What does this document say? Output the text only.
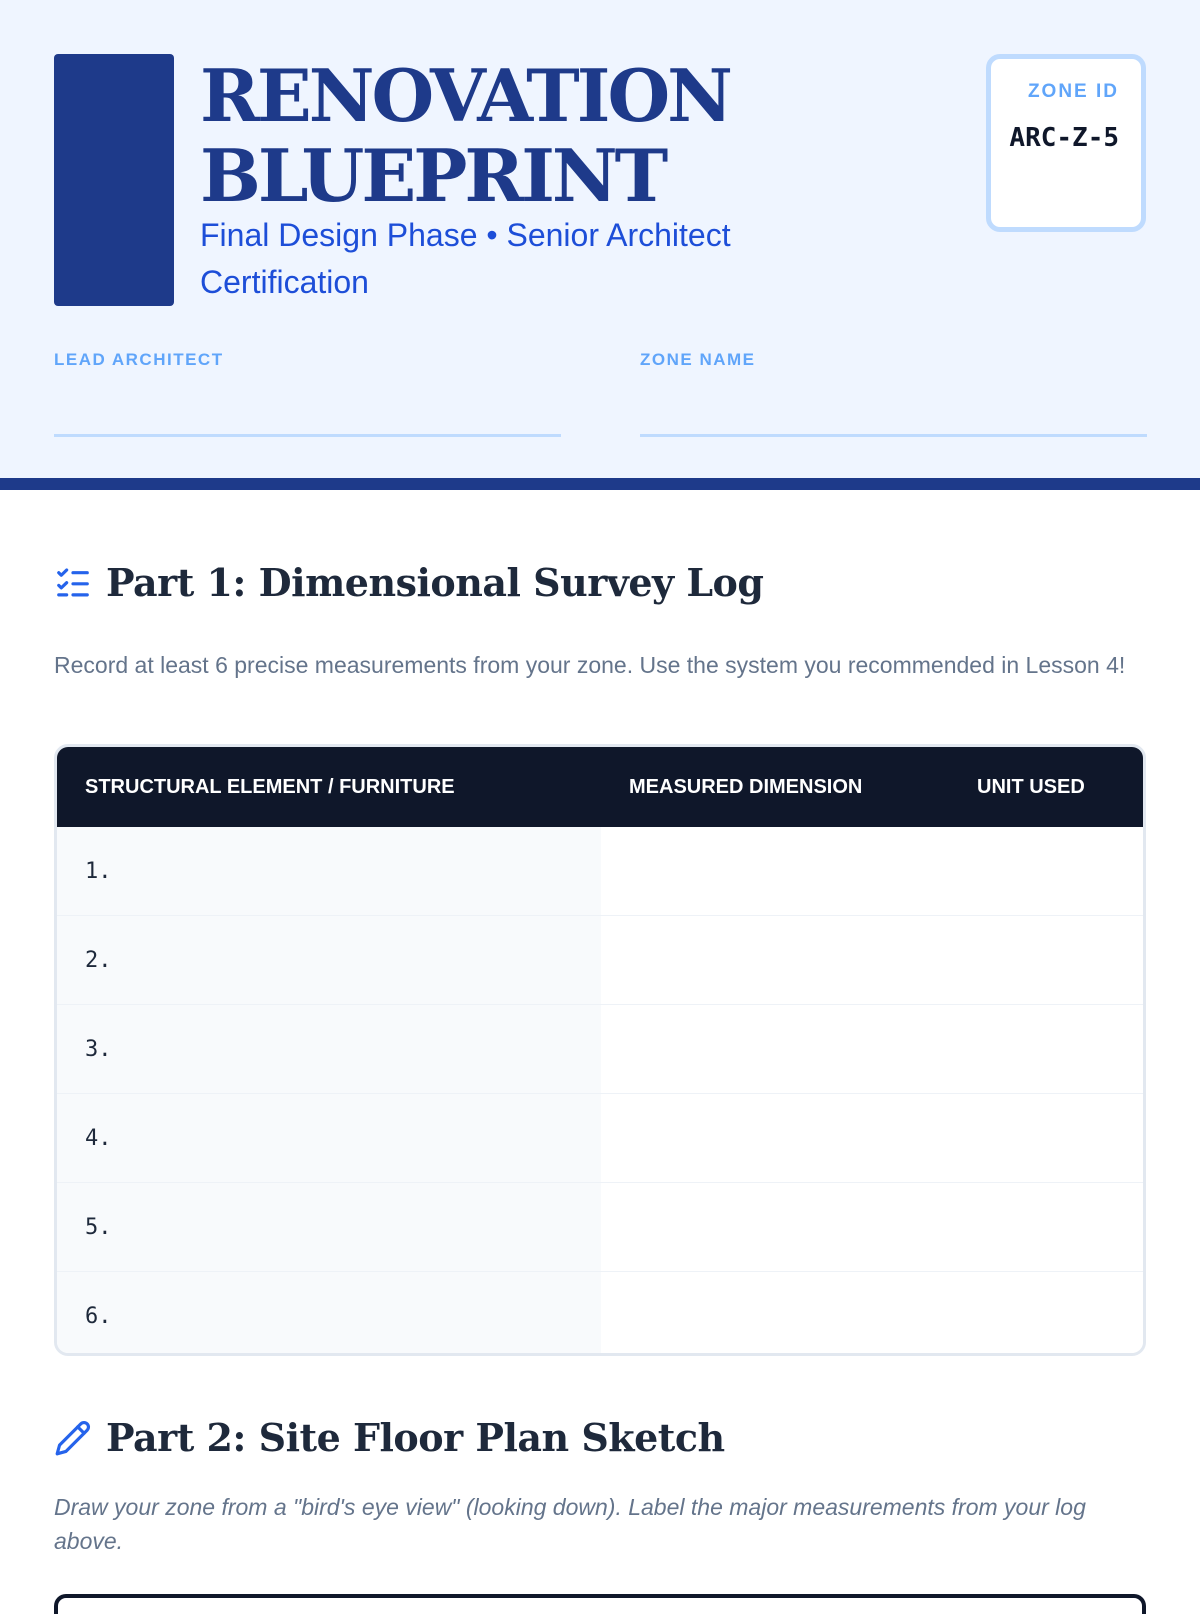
RENOVATION
BLUEPRINT
Final Design Phase • Senior Architect Certification
ZONE ID
ARC-Z-5
LEAD ARCHITECT	ZONE NAME
Part 1: Dimensional Survey Log
Record at least 6 precise measurements from your zone. Use the system you recommended in Lesson 4!
STRUCTURAL ELEMENT / FURNITURE	MEASURED DIMENSION	UNIT USED
1.
2.
3.
4.
5.
6.
Part 2: Site Floor Plan Sketch
Draw your zone from a "bird's eye view" (looking down). Label the major measurements from your log above.
